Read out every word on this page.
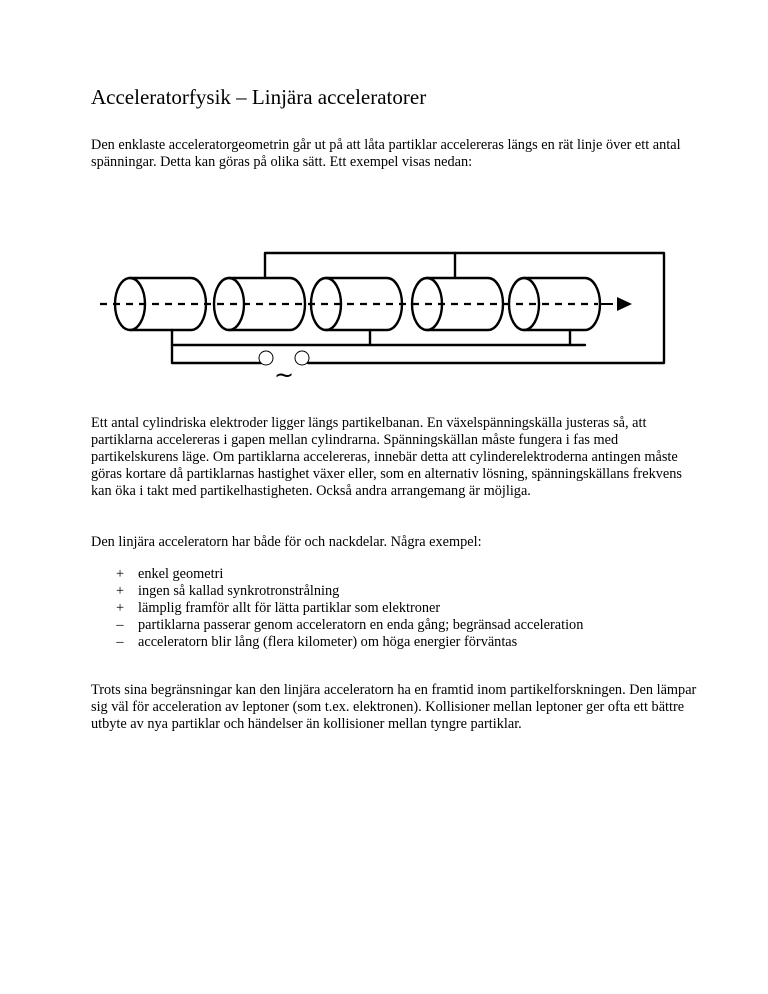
Acceleratorfysik – Linjära acceleratorer

Den enklaste acceleratorgeometrin går ut på att låta partiklar accelereras längs en rät linje över ett antal spänningar. Detta kan göras på olika sätt. Ett exempel visas nedan:

~

Ett antal cylindriska elektroder ligger längs partikelbanan. En växelspänningskälla justeras så, att partiklarna accelereras i gapen mellan cylindrarna. Spänningskällan måste fungera i fas med partikelskurens läge. Om partiklarna accelereras, innebär detta att cylinderelektroderna antingen måste göras kortare då partiklarnas hastighet växer eller, som en alternativ lösning, spänningskällans frekvens kan öka i takt med partikelhastigheten. Också andra arrangemang är möjliga.

Den linjära acceleratorn har både för och nackdelar. Några exempel:

+ enkel geometri
+ ingen så kallad synkrotronstrålning
+ lämplig framför allt för lätta partiklar som elektroner
– partiklarna passerar genom acceleratorn en enda gång; begränsad acceleration
– acceleratorn blir lång (flera kilometer) om höga energier förväntas

Trots sina begränsningar kan den linjära acceleratorn ha en framtid inom partikelforskningen. Den lämpar sig väl för acceleration av leptoner (som t.ex. elektronen). Kollisioner mellan leptoner ger ofta ett bättre utbyte av nya partiklar och händelser än kollisioner mellan tyngre partiklar.
